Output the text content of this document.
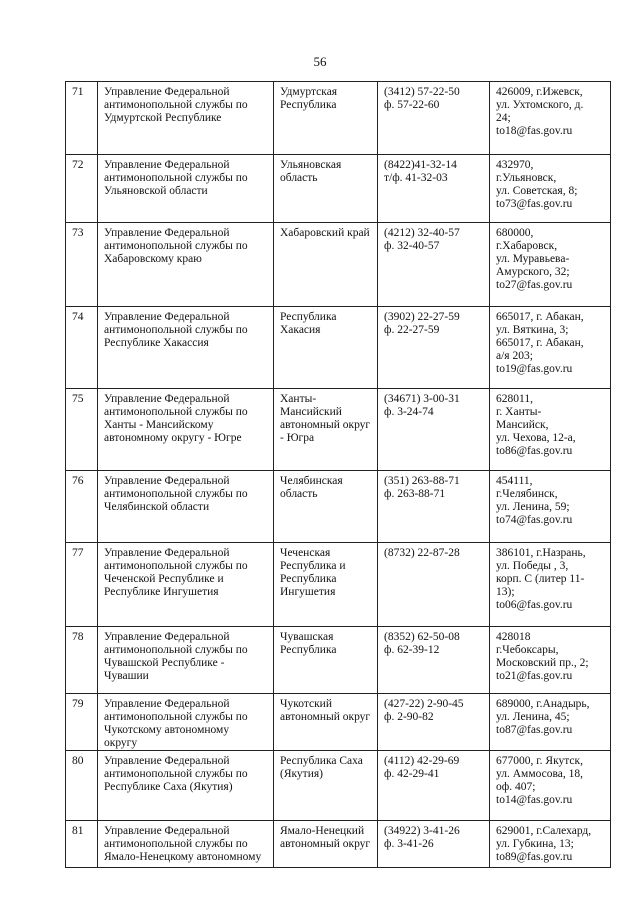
56
71	Управление Федеральной
антимонопольной службы по
Удмуртской Республике	Удмуртская
Республика	(3412) 57-22-50
ф. 57-22-60	426009, г.Ижевск,
ул. Ухтомского, д.
24;
to18@fas.gov.ru

72	Управление Федеральной
антимонопольной службы по
Ульяновской области	Ульяновская
область	(8422)41-32-14
т/ф. 41-32-03	432970,
г.Ульяновск,
ул. Советская, 8;
to73@fas.gov.ru

73	Управление Федеральной
антимонопольной службы по
Хабаровскому краю	Хабаровский край	(4212) 32-40-57
ф. 32-40-57	680000,
г.Хабаровск,
ул. Муравьева-
Амурского, 32;
to27@fas.gov.ru

74	Управление Федеральной
антимонопольной службы по
Республике Хакассия	Республика
Хакасия	(3902) 22-27-59
ф. 22-27-59	665017, г. Абакан,
ул. Вяткина, 3;
665017, г. Абакан,
а/я 203;
to19@fas.gov.ru

75	Управление Федеральной
антимонопольной службы по
Ханты - Мансийскому
автономному округу - Югре	Ханты-
Мансийский
автономный округ
- Югра	(34671) 3-00-31
ф. 3-24-74	628011,
г. Ханты-
Мансийск,
ул. Чехова, 12-а,
to86@fas.gov.ru

76	Управление Федеральной
антимонопольной службы по
Челябинской области	Челябинская
область	(351) 263-88-71
ф. 263-88-71	454111,
г.Челябинск,
ул. Ленина, 59;
to74@fas.gov.ru

77	Управление Федеральной
антимонопольной службы по
Чеченской Республике и
Республике Ингушетия	Чеченская
Республика и
Республика
Ингушетия	(8732) 22-87-28	386101, г.Назрань,
ул. Победы , 3,
корп. С (литер 11-
13);
to06@fas.gov.ru

78	Управление Федеральной
антимонопольной службы по
Чувашской Республике -
Чувашии	Чувашская
Республика	(8352) 62-50-08
ф. 62-39-12	428018
г.Чебоксары,
Московский пр., 2;
to21@fas.gov.ru

79	Управление Федеральной
антимонопольной службы по
Чукотскому автономному
округу	Чукотский
автономный округ	(427-22) 2-90-45
ф. 2-90-82	689000, г.Анадырь,
ул. Ленина, 45;
to87@fas.gov.ru

80	Управление Федеральной
антимонопольной службы по
Республике Саха (Якутия)	Республика Саха
(Якутия)	(4112) 42-29-69
ф. 42-29-41	677000, г. Якутск,
ул. Аммосова, 18,
оф. 407;
to14@fas.gov.ru

81	Управление Федеральной
антимонопольной службы по
Ямало-Ненецкому автономному	Ямало-Ненецкий
автономный округ	(34922) 3-41-26
ф. 3-41-26	629001, г.Салехард,
ул. Губкина, 13;
to89@fas.gov.ru
